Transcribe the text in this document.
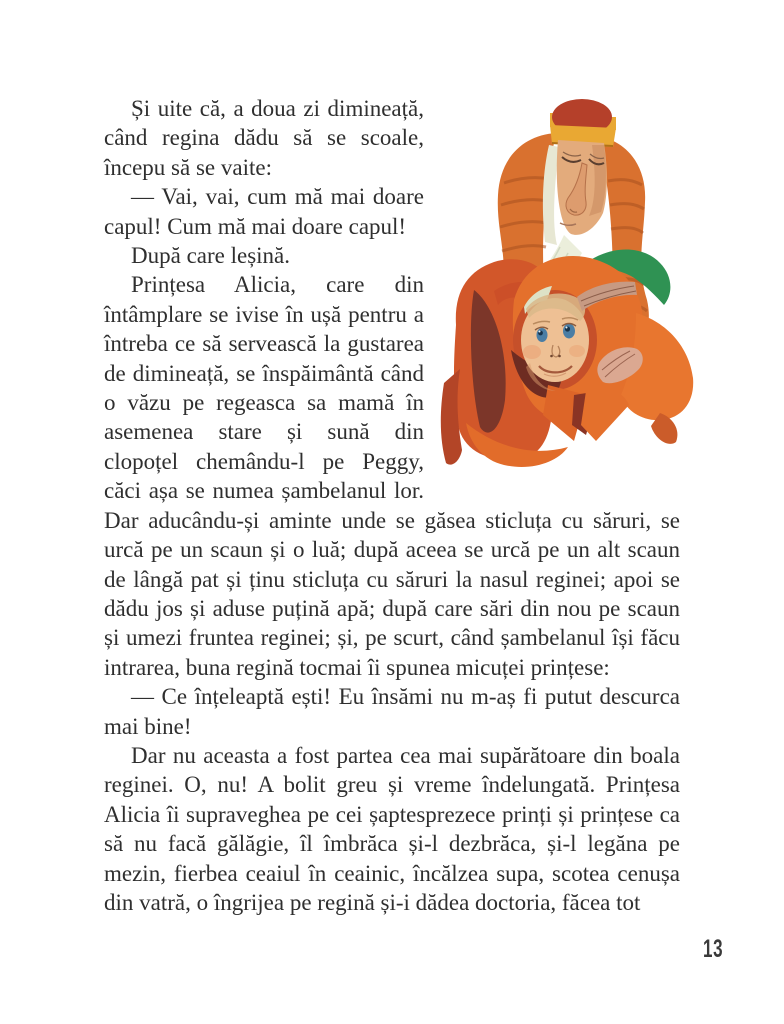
Și uite că, a doua zi dimineață, când regina dădu să se scoale, începu să se vaite:

— Vai, vai, cum mă mai doare capul! Cum mă mai doare capul!

După care leșină.

Prințesa Alicia, care din întâmplare se ivise în ușă pentru a întreba ce să servească la gustarea de dimineață, se înspăimântă când o văzu pe regeasca sa mamă în asemenea stare și sună din clopoțel chemându-l pe Peggy, căci așa se numea șambelanul lor. Dar aducându-și aminte unde se găsea sticluța cu săruri, se urcă pe un scaun și o luă; după aceea se urcă pe un alt scaun de lângă pat și ținu sticluța cu săruri la nasul reginei; apoi se dădu jos și aduse puțină apă; după care sări din nou pe scaun și umezi fruntea reginei; și, pe scurt, când șambelanul își făcu intrarea, buna regină tocmai îi spunea micuței prințese:

— Ce înțeleaptă ești! Eu însămi nu m-aș fi putut descurca mai bine!

Dar nu aceasta a fost partea cea mai supărătoare din boala reginei. O, nu! A bolit greu și vreme îndelungată. Prințesa Alicia îi supraveghea pe cei șaptesprezece prinți și prințese ca să nu facă gălăgie, îl îmbrăca și-l dezbrăca, și-l legăna pe mezin, fierbea ceaiul în ceainic, încălzea supa, scotea cenușa din vatră, o îngrijea pe regină și-i dădea doctoria, făcea tot

13
